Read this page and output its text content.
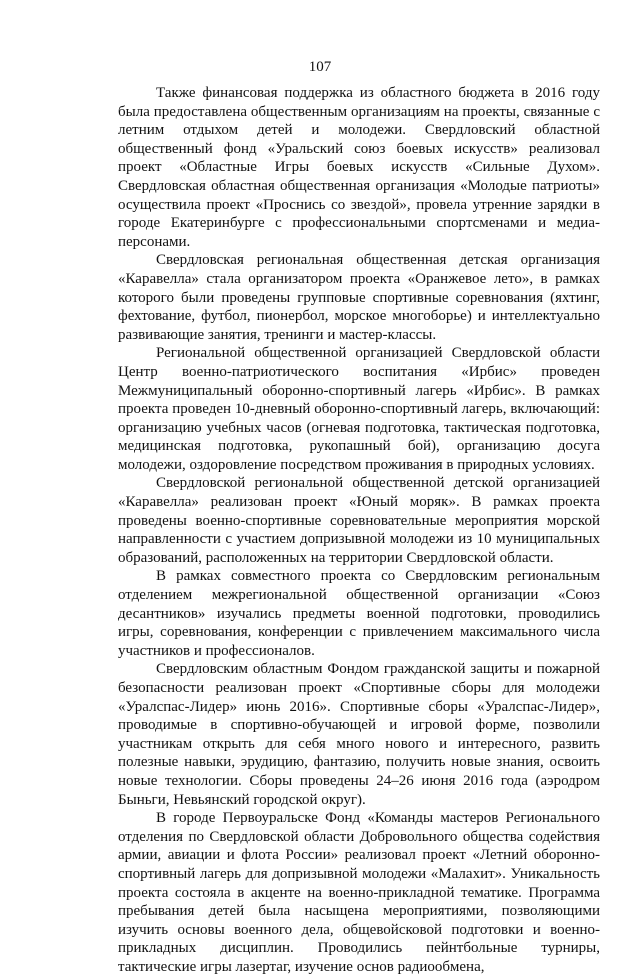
107

Также финансовая поддержка из областного бюджета в 2016 году была предоставлена общественным организациям на проекты, связанные с летним отдыхом детей и молодежи. Свердловский областной общественный фонд «Уральский союз боевых искусств» реализовал проект «Областные Игры боевых искусств «Сильные Духом». Свердловская областная общественная организация «Молодые патриоты» осуществила проект «Проснись со звездой», провела утренние зарядки в городе Екатеринбурге с профессиональными спортсменами и медиа-персонами.

Свердловская региональная общественная детская организация «Каравелла» стала организатором проекта «Оранжевое лето», в рамках которого были проведены групповые спортивные соревнования (яхтинг, фехтование, футбол, пионербол, морское многоборье) и интеллектуально развивающие занятия, тренинги и мастер-классы.

Региональной общественной организацией Свердловской области Центр военно-патриотического воспитания «Ирбис» проведен Межмуниципальный оборонно-спортивный лагерь «Ирбис». В рамках проекта проведен 10-дневный оборонно-спортивный лагерь, включающий: организацию учебных часов (огневая подготовка, тактическая подготовка, медицинская подготовка, рукопашный бой), организацию досуга молодежи, оздоровление посредством проживания в природных условиях.

Свердловской региональной общественной детской организацией «Каравелла» реализован проект «Юный моряк». В рамках проекта проведены военно-спортивные соревновательные мероприятия морской направленности с участием допризывной молодежи из 10 муниципальных образований, расположенных на территории Свердловской области.

В рамках совместного проекта со Свердловским региональным отделением межрегиональной общественной организации «Союз десантников» изучались предметы военной подготовки, проводились игры, соревнования, конференции с привлечением максимального числа участников и профессионалов.

Свердловским областным Фондом гражданской защиты и пожарной безопасности реализован проект «Спортивные сборы для молодежи «Уралспас-Лидер» июнь 2016». Спортивные сборы «Уралспас-Лидер», проводимые в спортивно-обучающей и игровой форме, позволили участникам открыть для себя много нового и интересного, развить полезные навыки, эрудицию, фантазию, получить новые знания, освоить новые технологии. Сборы проведены 24–26 июня 2016 года (аэродром Быньги, Невьянский городской округ).

В городе Первоуральске Фонд «Команды мастеров Регионального отделения по Свердловской области Добровольного общества содействия армии, авиации и флота России» реализовал проект «Летний оборонно-спортивный лагерь для допризывной молодежи «Малахит». Уникальность проекта состояла в акценте на военно-прикладной тематике. Программа пребывания детей была насыщена мероприятиями, позволяющими изучить основы военного дела, общевойсковой подготовки и военно-прикладных дисциплин. Проводились пейнтбольные турниры, тактические игры лазертаг, изучение основ радиообмена,
